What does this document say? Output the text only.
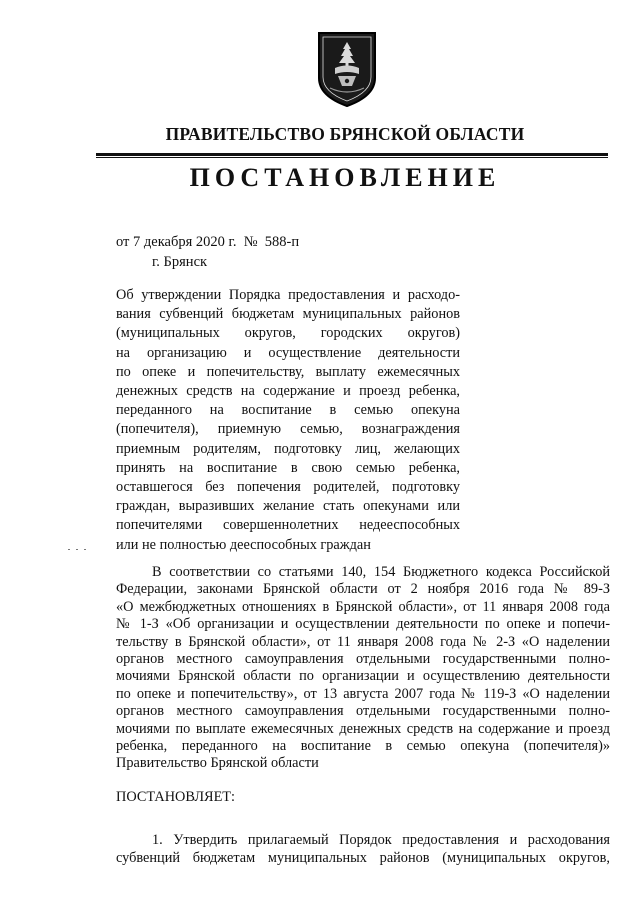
ПРАВИТЕЛЬСТВО БРЯНСКОЙ ОБЛАСТИ
ПОСТАНОВЛЕНИЕ
от 7 декабря 2020 г.  №  588-п
г. Брянск
Об утверждении Порядка предоставления и расходо-
вания субвенций бюджетам муниципальных районов
(муниципальных округов, городских округов)
на организацию и осуществление деятельности
по опеке и попечительству, выплату ежемесячных
денежных средств на содержание и проезд ребенка,
переданного на воспитание в семью опекуна
(попечителя), приемную семью, вознаграждения
приемным родителям, подготовку лиц, желающих
принять на воспитание в свою семью ребенка,
оставшегося без попечения родителей, подготовку
граждан, выразивших желание стать опекунами или
попечителями совершеннолетних недееспособных
или не полностью дееспособных граждан
В соответствии со статьями 140, 154 Бюджетного кодекса Российской
Федерации, законами Брянской области от 2 ноября 2016 года № 89-З
«О межбюджетных отношениях в Брянской области», от 11 января 2008 года
№ 1-З «Об организации и осуществлении деятельности по опеке и попечи-
тельству в Брянской области», от 11 января 2008 года № 2-З «О наделении
органов местного самоуправления отдельными государственными полно-
мочиями Брянской области по организации и осуществлению деятельности
по опеке и попечительству», от 13 августа 2007 года № 119-З «О наделении
органов местного самоуправления отдельными государственными полно-
мочиями по выплате ежемесячных денежных средств на содержание и проезд
ребенка, переданного на воспитание в семью опекуна (попечителя)»
Правительство Брянской области
ПОСТАНОВЛЯЕТ:
1. Утвердить прилагаемый Порядок предоставления и расходования
субвенций бюджетам муниципальных районов (муниципальных округов,
